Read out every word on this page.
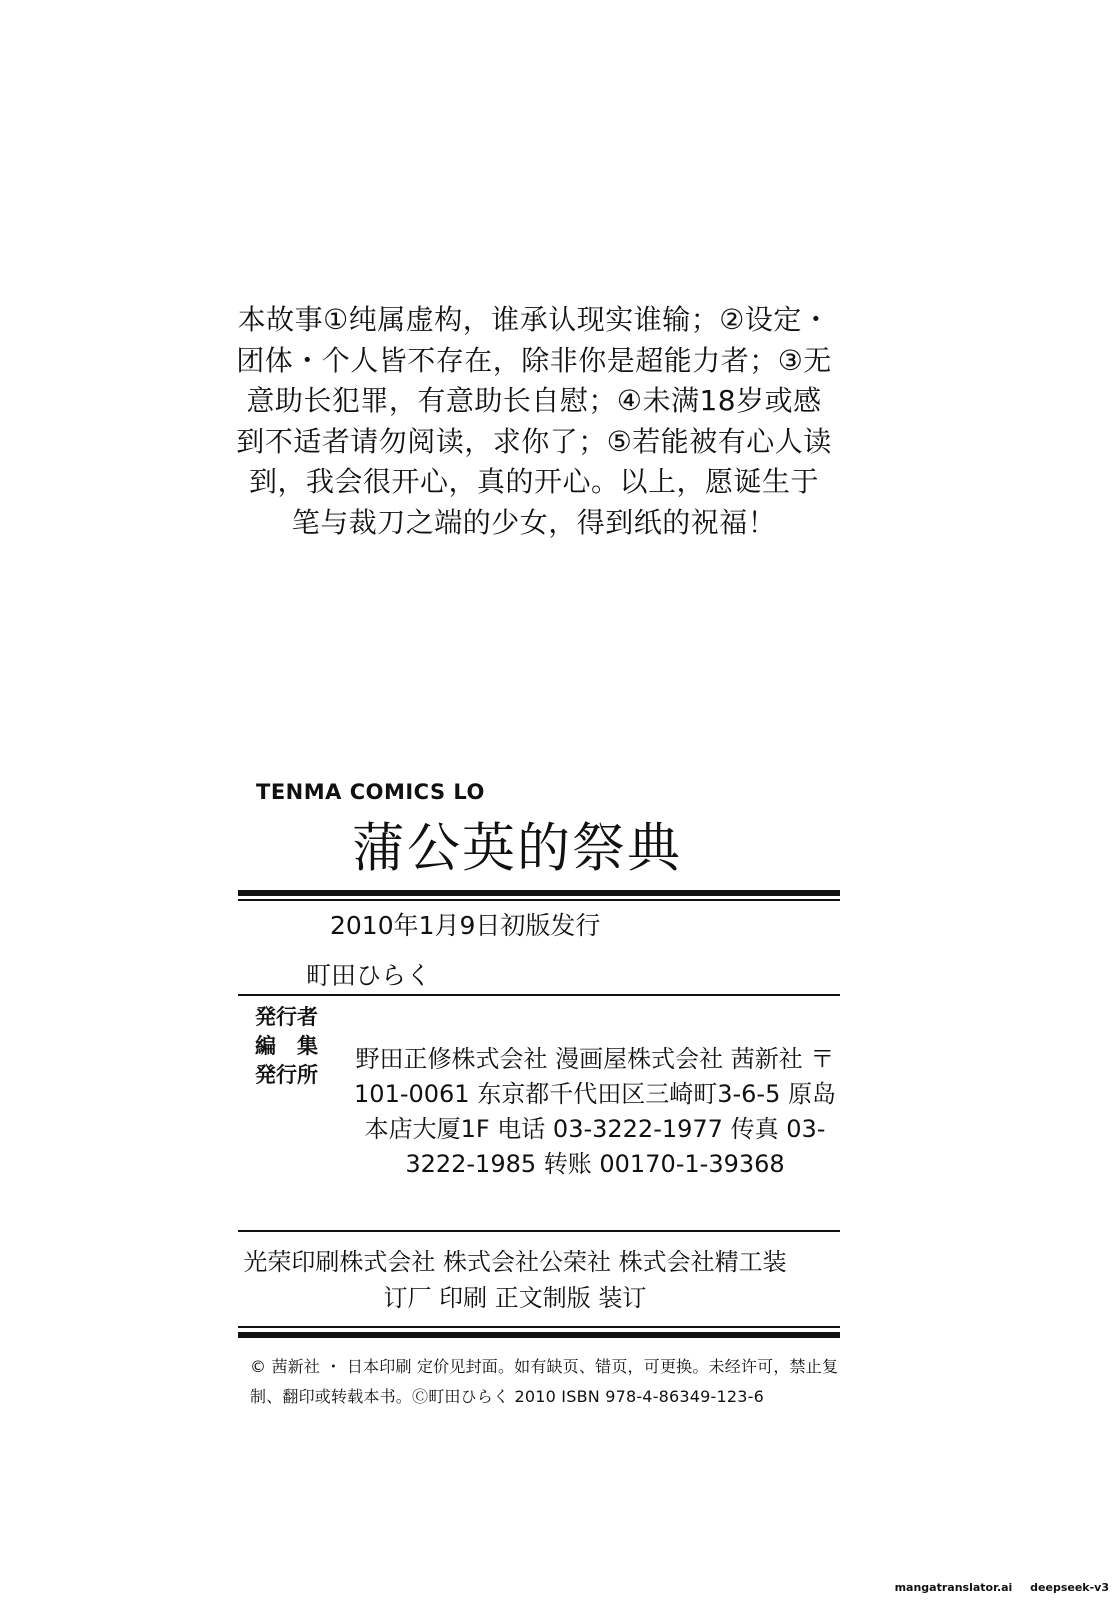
本故事①纯属虚构，谁承认现实谁输；②设定・团体・个人皆不存在，除非你是超能力者；③无意助长犯罪，有意助长自慰；④未满18岁或感到不适者请勿阅读，求你了；⑤若能被有心人读到，我会很开心，真的开心。以上，愿诞生于笔与裁刀之端的少女，得到纸的祝福！

TENMA COMICS LO
蒲公英的祭典
2010年1月9日初版发行
町田ひらく
発行者
編　集
発行所

野田正修株式会社 漫画屋株式会社 茜新社 〒101-0061 东京都千代田区三崎町3-6-5 原岛本店大厦1F 电话 03-3222-1977 传真 03-3222-1985 转账 00170-1-39368

光荣印刷株式会社 株式会社公荣社 株式会社精工装订厂 印刷 正文制版 装订

© 茜新社 ・ 日本印刷 定价见封面。如有缺页、错页，可更换。未经许可，禁止复制、翻印或转载本书。Ⓒ町田ひらく 2010 ISBN 978-4-86349-123-6

mangatranslator.ai deepseek-v3
